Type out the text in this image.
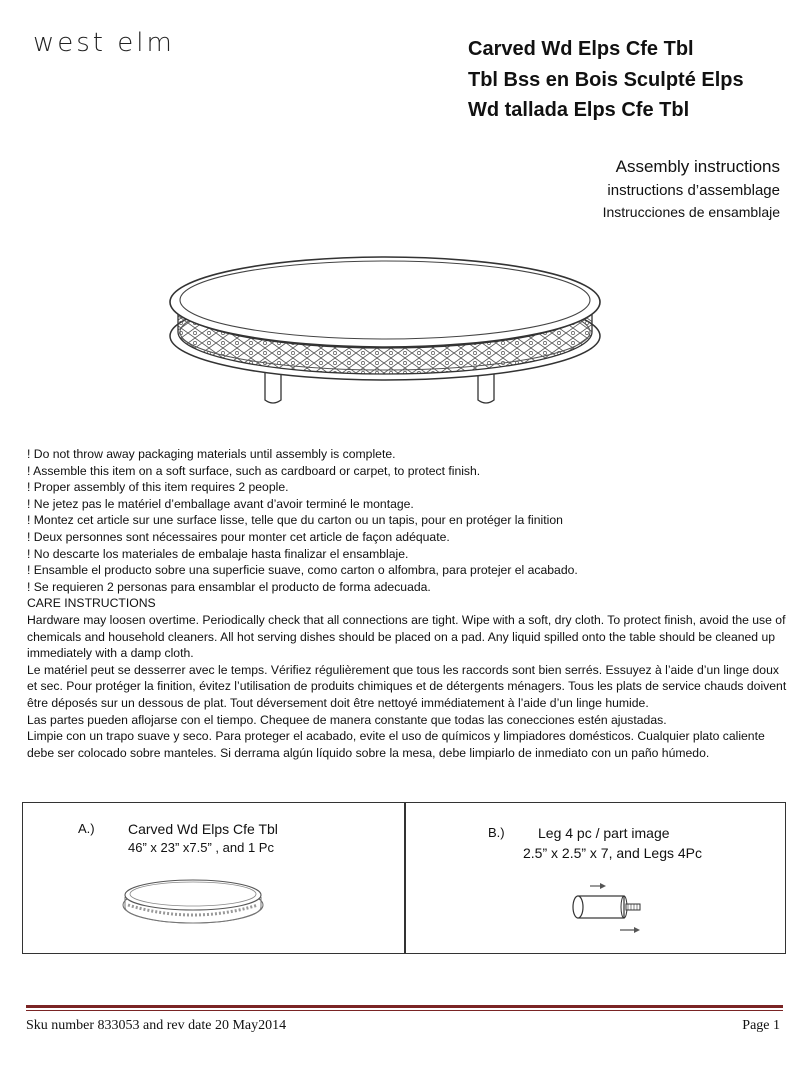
west elm	Carved Wd Elps Cfe Tbl
Tbl Bss en Bois Sculpté Elps
Wd tallada Elps Cfe Tbl
Assembly instructions
instructions d’assemblage
Instrucciones de ensamblaje
! Do not throw away packaging materials until assembly is complete.
! Assemble this item on a soft surface, such as cardboard or carpet, to protect finish.
! Proper assembly of this item requires 2 people.
! Ne jetez pas le matériel d’emballage avant d’avoir terminé le montage.
! Montez cet article sur une surface lisse, telle que du carton ou un tapis, pour en protéger la finition
! Deux personnes sont nécessaires pour monter cet article de façon adéquate.
! No descarte los materiales de embalaje hasta finalizar el ensamblaje.
! Ensamble el producto sobre una superficie suave, como carton o alfombra, para protejer el acabado.
! Se requieren 2 personas para ensamblar el producto de forma adecuada.
CARE INSTRUCTIONS
Hardware may loosen overtime. Periodically check that all connections are tight. Wipe with a soft, dry cloth. To protect finish, avoid the use of chemicals and household cleaners. All hot serving dishes should be placed on a pad. Any liquid spilled onto the table should be cleaned up immediately with a damp cloth.
Le matériel peut se desserrer avec le temps. Vérifiez régulièrement que tous les raccords sont bien serrés. Essuyez à l’aide d’un linge doux et sec. Pour protéger la finition, évitez l’utilisation de produits chimiques et de détergents ménagers. Tous les plats de service chauds doivent être déposés sur un dessous de plat. Tout déversement doit être nettoyé immédiatement à l’aide d’un linge humide.
Las partes pueden aflojarse con el tiempo. Chequee de manera constante que todas las conecciones estén ajustadas.
Limpie con un trapo suave y seco. Para proteger el acabado, evite el uso de químicos y limpiadores domésticos. Cualquier plato caliente debe ser colocado sobre manteles. Si derrama algún líquido sobre la mesa, debe limpiarlo de inmediato con un paño húmedo.
A.) Carved Wd Elps Cfe Tbl
46” x 23” x7.5” , and 1 Pc
B.) Leg 4 pc / part image
2.5” x 2.5” x 7, and Legs 4Pc
Sku number 833053 and rev date 20 May2014	Page 1
